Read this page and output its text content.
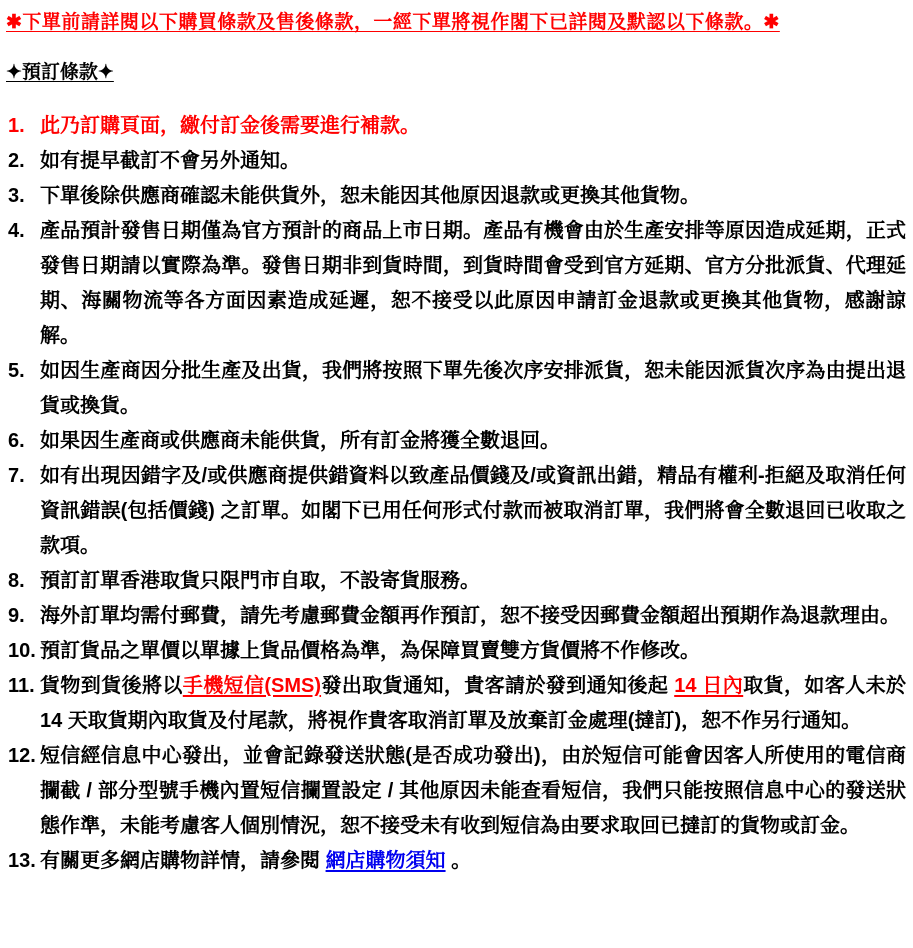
✱下單前請詳閱以下購買條款及售後條款，一經下單將視作閣下已詳閱及默認以下條款。✱
✦預訂條款✦
1. 此乃訂購頁面，繳付訂金後需要進行補款。
2. 如有提早截訂不會另外通知。
3. 下單後除供應商確認未能供貨外，恕未能因其他原因退款或更換其他貨物。
4. 產品預計發售日期僅為官方預計的商品上市日期。產品有機會由於生產安排等原因造成延期，正式發售日期請以實際為準。發售日期非到貨時間，到貨時間會受到官方延期、官方分批派貨、代理延期、海關物流等各方面因素造成延遲，恕不接受以此原因申請訂金退款或更換其他貨物，感謝諒解。
5. 如因生產商因分批生產及出貨，我們將按照下單先後次序安排派貨，恕未能因派貨次序為由提出退貨或換貨。
6. 如果因生產商或供應商未能供貨，所有訂金將獲全數退回。
7. 如有出現因錯字及/或供應商提供錯資料以致產品價錢及/或資訊出錯，精品有權利-拒絕及取消任何資訊錯誤(包括價錢) 之訂單。如閣下已用任何形式付款而被取消訂單，我們將會全數退回已收取之款項。
8. 預訂訂單香港取貨只限門市自取，不設寄貨服務。
9. 海外訂單均需付郵費，請先考慮郵費金額再作預訂，恕不接受因郵費金額超出預期作為退款理由。
10. 預訂貨品之單價以單據上貨品價格為準，為保障買賣雙方貨價將不作修改。
11. 貨物到貨後將以手機短信(SMS)發出取貨通知，貴客請於發到通知後起 14 日內取貨，如客人未於14 天取貨期內取貨及付尾款，將視作貴客取消訂單及放棄訂金處理(撻訂)，恕不作另行通知。
12. 短信經信息中心發出，並會記錄發送狀態(是否成功發出)，由於短信可能會因客人所使用的電信商攔截 / 部分型號手機內置短信攔置設定 / 其他原因未能查看短信，我們只能按照信息中心的發送狀態作準，未能考慮客人個別情況，恕不接受未有收到短信為由要求取回已撻訂的貨物或訂金。
13. 有關更多網店購物詳情，請參閱 網店購物須知 。
